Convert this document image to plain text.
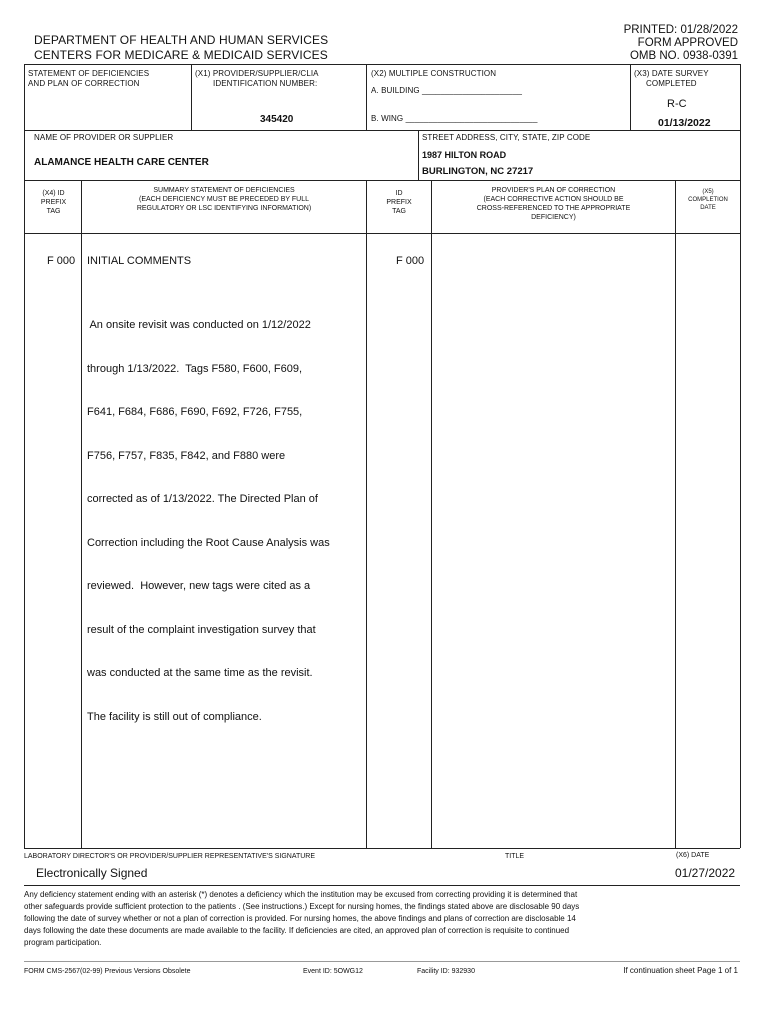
DEPARTMENT OF HEALTH AND HUMAN SERVICES
CENTERS FOR MEDICARE & MEDICAID SERVICES
PRINTED: 01/28/2022
FORM APPROVED
OMB NO. 0938-0391
STATEMENT OF DEFICIENCIES
AND PLAN OF CORRECTION
(X1) PROVIDER/SUPPLIER/CLIA
IDENTIFICATION NUMBER:
345420
(X2) MULTIPLE CONSTRUCTION
A. BUILDING ______________________
B. WING _____________________________
(X3) DATE SURVEY
COMPLETED
R-C
01/13/2022
NAME OF PROVIDER OR SUPPLIER
ALAMANCE HEALTH CARE CENTER
STREET ADDRESS, CITY, STATE, ZIP CODE
1987 HILTON ROAD
BURLINGTON, NC 27217
(X4) ID
PREFIX
TAG
SUMMARY STATEMENT OF DEFICIENCIES
(EACH DEFICIENCY MUST BE PRECEDED BY FULL
REGULATORY OR LSC IDENTIFYING INFORMATION)
ID
PREFIX
TAG
PROVIDER'S PLAN OF CORRECTION
(EACH CORRECTIVE ACTION SHOULD BE
CROSS-REFERENCED TO THE APPROPRIATE
DEFICIENCY)
(X5)
COMPLETION
DATE
F 000 INITIAL COMMENTS	F 000

An onsite revisit was conducted on 1/12/2022

through 1/13/2022.  Tags F580, F600, F609,

F641, F684, F686, F690, F692, F726, F755,

F756, F757, F835, F842, and F880 were

corrected as of 1/13/2022. The Directed Plan of

Correction including the Root Cause Analysis was

reviewed.  However, new tags were cited as a

result of the complaint investigation survey that

was conducted at the same time as the revisit.

The facility is still out of compliance.

LABORATORY DIRECTOR'S OR PROVIDER/SUPPLIER REPRESENTATIVE'S SIGNATURE	TITLE	(X6) DATE
Electronically Signed	01/27/2022
Any deficiency statement ending with an asterisk (*) denotes a deficiency which the institution may be excused from correcting providing it is determined that
other safeguards provide sufficient protection to the patients . (See instructions.) Except for nursing homes, the findings stated above are disclosable 90 days
following the date of survey whether or not a plan of correction is provided. For nursing homes, the above findings and plans of correction are disclosable 14
days following the date these documents are made available to the facility. If deficiencies are cited, an approved plan of correction is requisite to continued
program participation.
FORM CMS-2567(02-99) Previous Versions Obsolete	Event ID: 5OWG12	Facility ID: 932930	If continuation sheet Page 1 of 1
